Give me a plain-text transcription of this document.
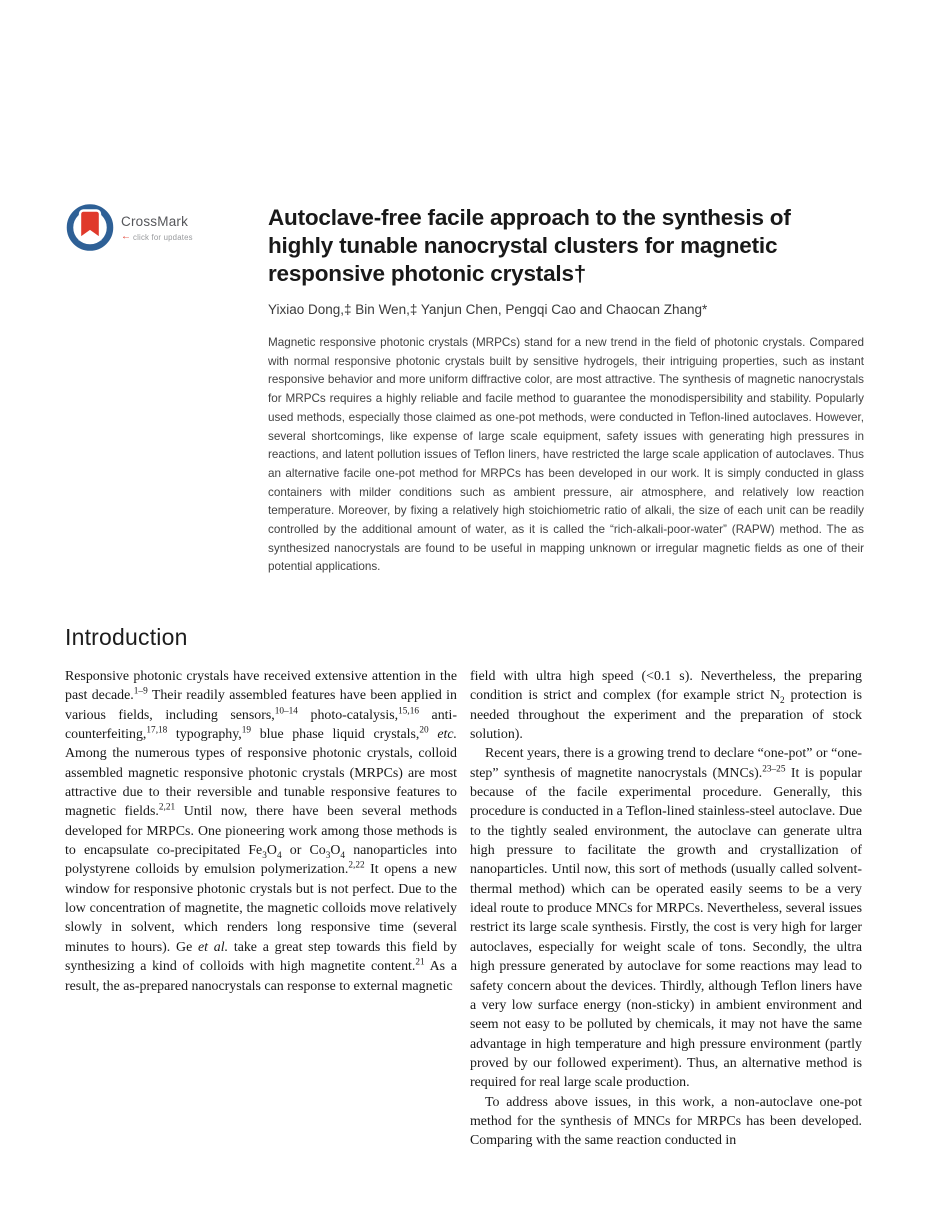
CrossMark
← click for updates
Autoclave-free facile approach to the synthesis of
highly tunable nanocrystal clusters for magnetic
responsive photonic crystals†
Yixiao Dong,‡ Bin Wen,‡ Yanjun Chen, Pengqi Cao and Chaocan Zhang*
Magnetic responsive photonic crystals (MRPCs) stand for a new trend in the field of photonic crystals. Compared with normal responsive photonic crystals built by sensitive hydrogels, their intriguing properties, such as instant responsive behavior and more uniform diffractive color, are most attractive. The synthesis of magnetic nanocrystals for MRPCs requires a highly reliable and facile method to guarantee the monodispersibility and stability. Popularly used methods, especially those claimed as one-pot methods, were conducted in Teflon-lined autoclaves. However, several shortcomings, like expense of large scale equipment, safety issues with generating high pressures in reactions, and latent pollution issues of Teflon liners, have restricted the large scale application of autoclaves. Thus an alternative facile one-pot method for MRPCs has been developed in our work. It is simply conducted in glass containers with milder conditions such as ambient pressure, air atmosphere, and relatively low reaction temperature. Moreover, by fixing a relatively high stoichiometric ratio of alkali, the size of each unit can be readily controlled by the additional amount of water, as it is called the “rich-alkali-poor-water” (RAPW) method. The as synthesized nanocrystals are found to be useful in mapping unknown or irregular magnetic fields as one of their potential applications.
Introduction

Responsive photonic crystals have received extensive attention in the past decade.$^{1-9}$ Their readily assembled features have been applied in various fields, including sensors,$^{10-14}$ photo-catalysis,$^{15,16}$ anti-counterfeiting,$^{17,18}$ typography,$^{19}$ blue phase liquid crystals,$^{20}$ etc. Among the numerous types of responsive photonic crystals, colloid assembled magnetic responsive photonic crystals (MRPCs) are most attractive due to their reversible and tunable responsive features to magnetic fields.$^{2,21}$ Until now, there have been several methods developed for MRPCs. One pioneering work among those methods is to encapsulate co-precipitated $Fe_3O_4$ or $Co_3O_4$ nanoparticles into polystyrene colloids by emulsion polymerization.$^{2,22}$ It opens a new window for responsive photonic crystals but is not perfect. Due to the low concentration of magnetite, the magnetic colloids move relatively slowly in solvent, which renders long responsive time (several minutes to hours). Ge et al. take a great step towards this field by synthesizing a kind of colloids with high magnetite content.$^{21}$ As a result, the as-prepared nanocrystals can response to external magnetic

field with ultra high speed (<0.1 s). Nevertheless, the preparing condition is strict and complex (for example strict $N_2$ protection is needed throughout the experiment and the preparation of stock solution).

Recent years, there is a growing trend to declare “one-pot” or “one-step” synthesis of magnetite nanocrystals (MNCs).$^{23-25}$ It is popular because of the facile experimental procedure. Generally, this procedure is conducted in a Teflon-lined stainless-steel autoclave. Due to the tightly sealed environment, the autoclave can generate ultra high pressure to facilitate the growth and crystallization of nanoparticles. Until now, this sort of methods (usually called solvent-thermal method) which can be operated easily seems to be a very ideal route to produce MNCs for MRPCs. Nevertheless, several issues restrict its large scale synthesis. Firstly, the cost is very high for larger autoclaves, especially for weight scale of tons. Secondly, the ultra high pressure generated by autoclave for some reactions may lead to safety concern about the devices. Thirdly, although Teflon liners have a very low surface energy (non-sticky) in ambient environment and seem not easy to be polluted by chemicals, it may not have the same advantage in high temperature and high pressure environment (partly proved by our followed experiment). Thus, an alternative method is required for real large scale production.

To address above issues, in this work, a non-autoclave one-pot method for the synthesis of MNCs for MRPCs has been developed. Comparing with the same reaction conducted in
